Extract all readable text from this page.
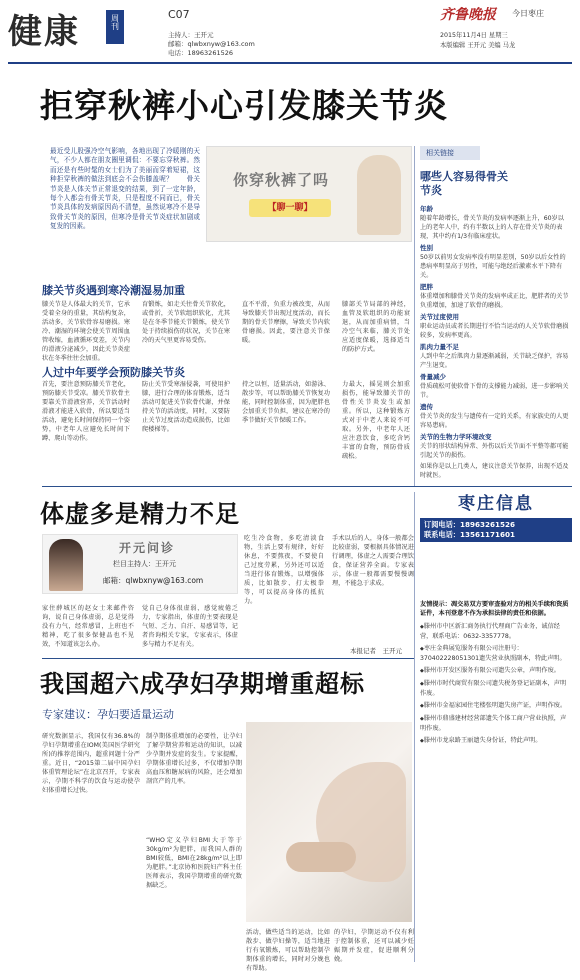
健康	周刊	C07
主持人：王开元
邮箱：qlwbxnyw@163.com
电话：18963261526
齐鲁晚报 今日枣庄
2015年11月4日 星期三
本版编辑 王开元 美编 马龙
拒穿秋裤小心引发膝关节炎
最近受儿股强冷空气影响，各地出现了冷暖刚的天气，不少人都在朋友圈里调侃：不要忘穿秋裤。然而还是有些时髦的女士们为了美丽而穿着短裙，这种拒穿秋裤的做法到底会不会伤膝盖呢？　　骨关节炎是人体关节正常退变的结果，到了一定年龄，每个人都会有骨关节炎，只是程度不同而已，骨关节炎具体的发病原因尚不清楚，虽然说寒冷不是导致骨关节炎的原因，但寒冷是骨关节炎症状加剧或复发的因素。
你穿秋裤了吗
【聊一聊】
膝关节炎遇到寒冷潮湿易加重
膝关节是人体最大的关节，它承受着全身的重量，其结构复杂，活动多，关节软骨容易磨损。寒冷、潮湿的环境会使关节周围血管收缩，血液循环变差，关节内的滑液分泌减少，因此关节炎症状在冬季往往会加重。
育锻炼，如走关往骨关节软化，或骨折，关节软组织软化，尤其是在冬季节能关节锻炼，使关节处于持续损伤的状况，关节在寒冷的天气里更容易受伤。
直不平滑，负重力被改变，从而导致膝关节出现过度活动，而长期的骨关节摩擦，导致关节内软骨磨损。因此，要注意关节保暖。
膝部关节局部的神经，血管及软组织的功能衰退，从而加重病情，当冷空气来临，膝关节处应适度保暖，选择适当的防护方式。
人过中年要学会预防膝关节炎
首先，要注意预防膝关节老化，预防膝关节受凉。膝关节软骨主要靠关节滑液营养，关节活动时滑液才能进入软骨，所以要适当活动，避免长时间保持同一个姿势，中老年人应避免长时间下蹲、爬山等动作。
防止关节受寒湿侵袭，可使用护膝，进行合理的体育锻炼，适当活动可促进关节软骨代谢，并保持关节的活动度，同时，又要防止关节过度活动造成损伤，比如爬楼梯等。
持之以恒，适量活动，如游泳、散步等，可以帮助膝关节恢复功能，同时控制体重，因为肥胖也会加重关节负担，建议在寒冷的季节做好关节保暖工作。
力最大，摇晃则会加重损伤，能导致膝关节的骨性关节炎发生或加重。所以，这种锻炼方式对于中老人来说不可取。另外，中老年人还应注意饮食，多吃含钙丰富的食物，预防骨质疏松。
相关链接
哪些人容易得骨关节炎
年龄
随着年龄增长，骨关节炎的发病率逐渐上升，60岁以上的老年人中，约有半数以上的人存在骨关节炎的表现，其中约有1/3有临床症状。
性别
50岁以前男女发病率没有明显差别，50岁以后女性的患病率明显高于男性，可能与绝经后激素水平下降有关。
肥胖
体重增加和膝骨关节炎的发病率成正比，肥胖者的关节负重增加，加速了软骨的磨损。
关节过度使用
职业运动员或者长期进行不恰当运动的人关节软骨磨损较多，发病率更高。
肌肉力量不足
人到中年之后肌肉力量逐渐减弱，关节缺乏保护，容易产生退变。
骨量减少
骨质疏松可使软骨下骨的支撑能力减弱，进一步影响关节。
遗传
骨关节炎的发生与遗传有一定的关系，有家族史的人更容易患病。
关节的生物力学环境改变
关节的形状结构异常、外伤以后关节面不平整等都可能引起关节的损伤。
如果你是以上几类人，建议注意关节保养，出现不适及时就医。
体虚多是精力不足
开元问诊
栏目主持人：王开元
邮箱：qlwbxnyw@163.com
家住薛城区的赵女士来邮件咨询，说自己身体虚弱，总是觉得没有力气，经常感冒，上班也不精神，吃了很多保健品也不见效，不知道该怎么办。
觉自己身体很虚弱，感觉疲倦乏力，专家指出，体虚的主要表现是气短、乏力、自汗、易感冒等，记者咨询相关专家，专家表示，体虚多与精力不足有关。
吃生冷食物，多吃清淡食物，生活上要有规律，好好休息，不要熬夜，不要使自己过度劳累，另外还可以适当进行体育锻炼，以增强体质，比如散步、打太极拳等，可以提高身体的抵抗力。
手术以后的人，身体一般都会比较虚弱，要根据具体情况进行调理，体虚之人需要合理饮食，保证营养全面。专家表示，体虚一般都需要慢慢调理，不能急于求成。
本报记者　王开元
枣庄信息
订阅电话：18963261526
联系电话：13561171601
友情提示：凋交易双方要审查验对方的相关手续和资质证件，本刊登意不作为承担法律的责任和依据。
◆滕州市中区新汇商务执行代理商广告业务，诚信经营，联系电话：0632-3357778。
◆枣庄金典展览服务有限公司注册号：370402228051301遗失营业执照副本，特此声明。
◆滕州市开发区服务有限公司遗失公章，声明作废。
◆滕州市时代商贸有限公司遗失税务登记证副本，声明作废。
◆滕州市金福家园住宅楼张明遗失房产证，声明作废。
◆滕州市鼎盛建材经营部遗失个体工商户营业执照，声明作废。
◆滕州市龙泉路王丽遗失身份证，特此声明。
我国超六成孕妇孕期增重超标
专家建议：孕妇要适量运动
研究数据显示，我国仅有36.8%的孕妇孕期增重在IOM(美国医学研究所)的推荐范围内，超重问题十分严重。近日，“2015第二届中国孕妇体重管理论坛”在北京召开，专家表示，孕期不科学的饮食与运动使孕妇体重增长过快。
制孕期体重增加的必要性，让孕妇了解孕期营养和运动的知识，以减少孕期并发症的发生。专家提醒，孕期体重增长过多，不仅增加孕期高血压和糖尿病的风险，还会增加剖宫产的几率。
“WHO定义孕妇BMI大于等于30kg/m²为肥胖，而我国人群的BMI较低，BMI在28kg/m²以上即为肥胖。”北京协和医院妇产科主任医师表示，我国孕期增重的研究数据缺乏。
活动，做些适当的运动，比如散步、做孕妇操等，适当地进行有氧锻炼，可以帮助控制孕期体重的增长，同时对分娩也有帮助。
的孕妇，孕期运动不仅有利于控制体重，还可以减少妊娠期并发症，促进顺利分娩。
